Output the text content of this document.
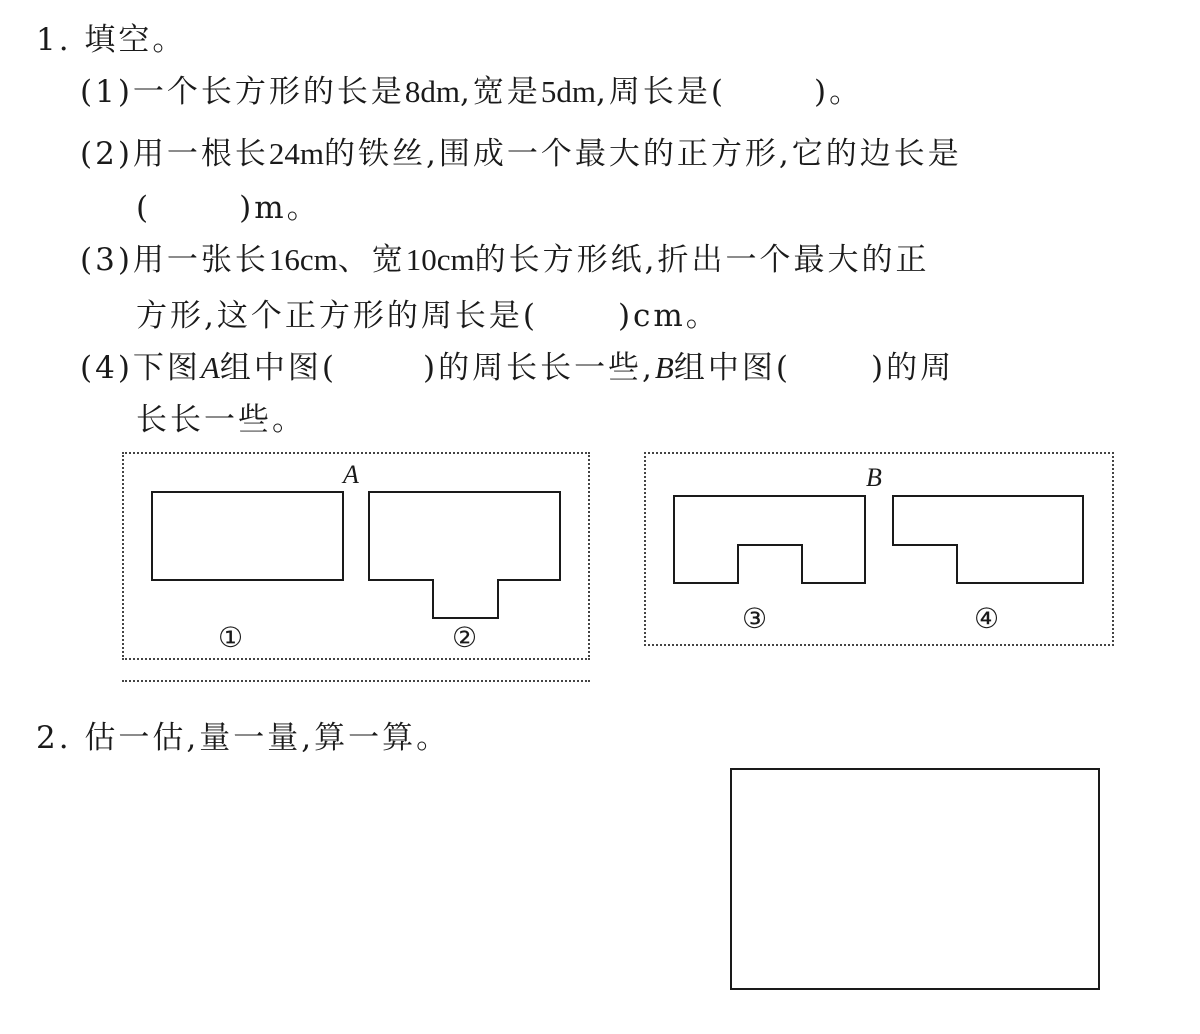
1. 填空。
(1)一个长方形的长是8dm,宽是5dm,周长是(	)。
(2)用一根长24m的铁丝,围成一个最大的正方形,它的边长是
(	)m。
(3)用一张长16cm、宽10cm的长方形纸,折出一个最大的正
方形,这个正方形的周长是(	)cm。
(4)下图A组中图(	)的周长长一些,B组中图(	)的周
长长一些。
A
①	②
B
③	④
2. 估一估,量一量,算一算。
